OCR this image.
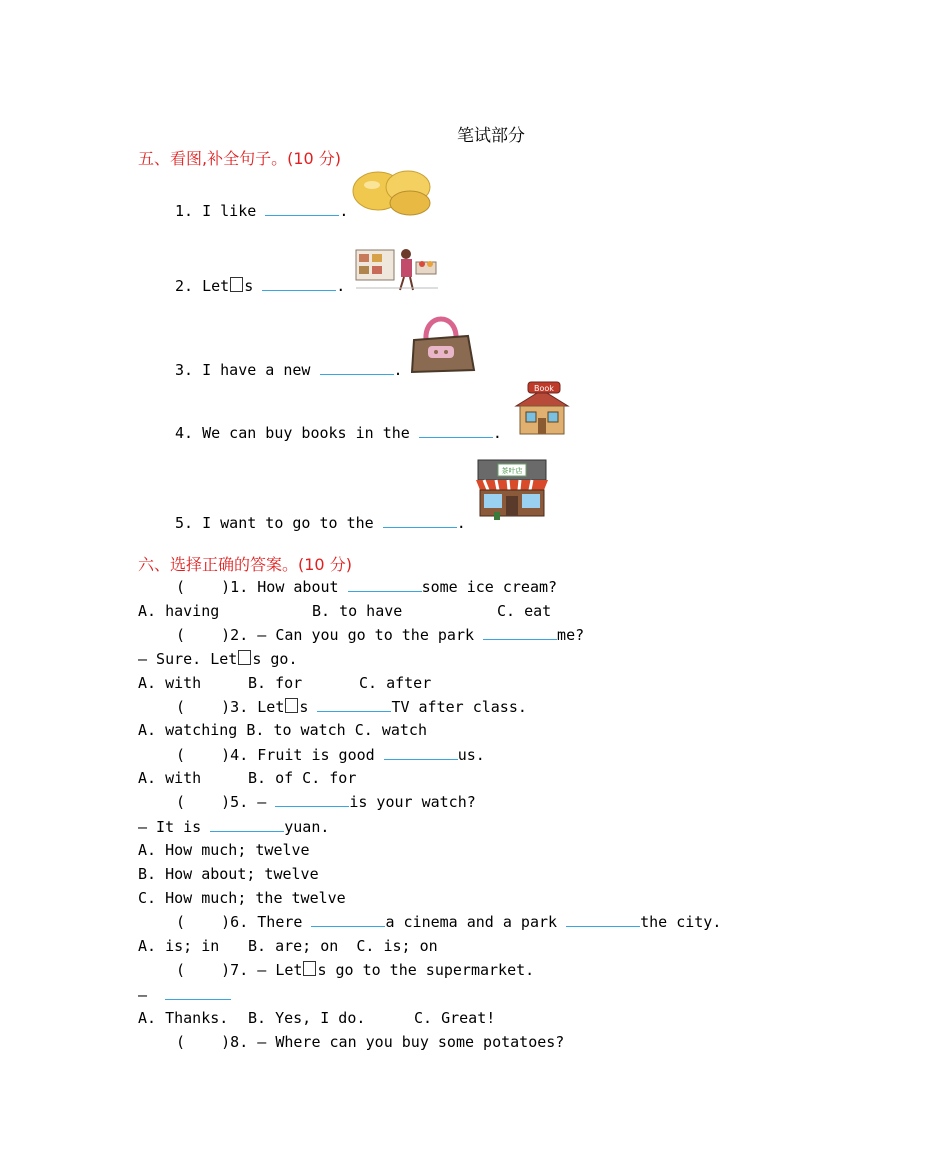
笔试部分
五、看图,补全句子。(10 分)
1. I like	.
2. Let s	.
3. I have a new	.
4. We can buy books in the	.
Book
5. I want to go to the	.
茶叶店
六、选择正确的答案。(10 分)
(    )1. How about	some ice cream?
A. having	B. to have	C. eat
(    )2. — Can you go to the park	me?
— Sure. Let s go.
A. with	B. for	C. after
(    )3. Let s	TV after class.
A. watching B. to watch C. watch
(    )4. Fruit is good	us.
A. with	B. of C. for
(    )5. —	is your watch?
— It is	yuan.
A. How much; twelve
B. How about; twelve
C. How much; the twelve
(    )6. There	a cinema and a park	the city.
A. is; in B. are; on  C. is; on
(    )7. — Let s go to the supermarket.
—
A. Thanks. B. Yes, I do.	C. Great!
(    )8. — Where can you buy some potatoes?
